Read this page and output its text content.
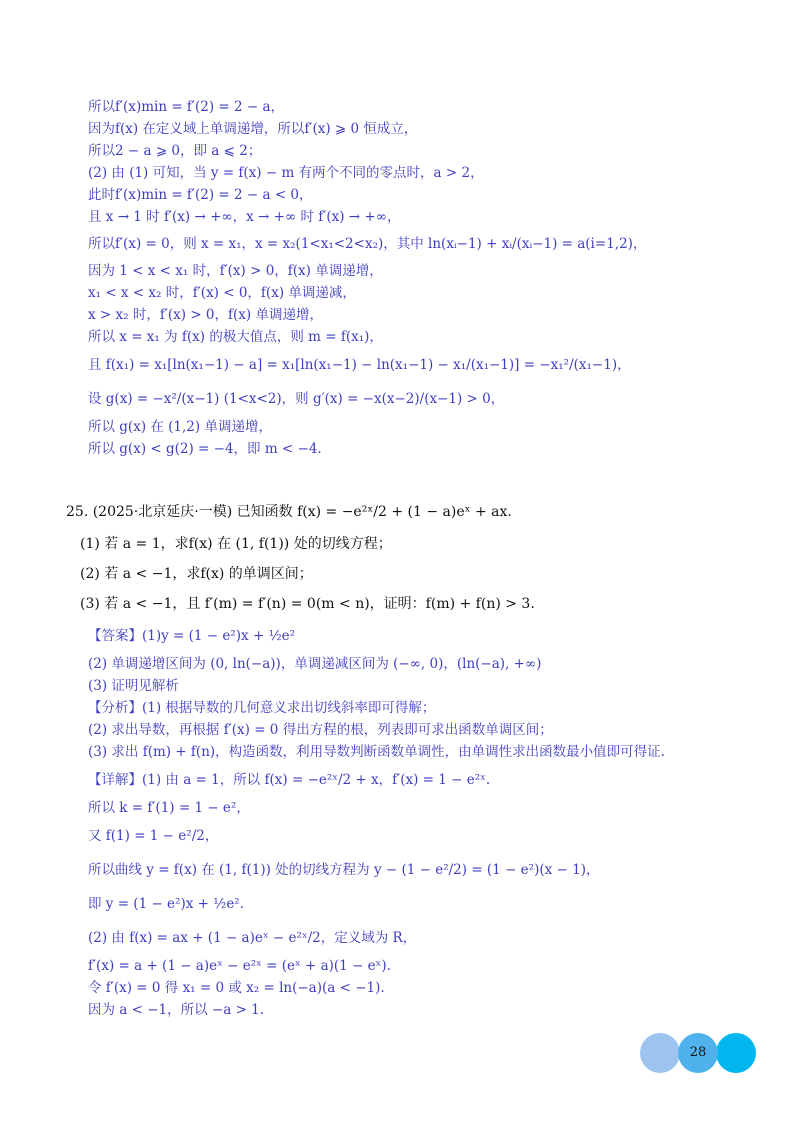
所以f′(x)min = f′(2) = 2 − a，
因为f(x) 在定义域上单调递增，所以f′(x) ⩾ 0 恒成立，
所以2 − a ⩾ 0，即 a ⩽ 2；
(2) 由 (1) 可知，当 y = f(x) − m 有两个不同的零点时，a > 2，
此时f′(x)min = f′(2) = 2 − a < 0，
且 x → 1 时 f′(x) → +∞，x → +∞ 时 f′(x) → +∞，
所以f′(x) = 0，则 x = x₁，x = x₂(1<x₁<2<x₂)，其中 ln(xᵢ−1) + xᵢ/(xᵢ−1) = a(i=1,2)，
因为 1 < x < x₁ 时，f′(x) > 0，f(x) 单调递增，
x₁ < x < x₂ 时，f′(x) < 0，f(x) 单调递减，
x > x₂ 时，f′(x) > 0，f(x) 单调递增，
所以 x = x₁ 为 f(x) 的极大值点，则 m = f(x₁)，
且 f(x₁) = x₁[ln(x₁−1) − a] = x₁[ln(x₁−1) − ln(x₁−1) − x₁/(x₁−1)] = −x₁²/(x₁−1)，
设 g(x) = −x²/(x−1) (1<x<2)，则 g′(x) = −x(x−2)/(x−1) > 0，
所以 g(x) 在 (1,2) 单调递增，
所以 g(x) < g(2) = −4，即 m < −4.
25. (2025·北京延庆·一模) 已知函数 f(x) = −e²ˣ/2 + (1 − a)eˣ + ax.
(1) 若 a = 1，求f(x) 在 (1, f(1)) 处的切线方程；
(2) 若 a < −1，求f(x) 的单调区间；
(3) 若 a < −1，且 f′(m) = f′(n) = 0(m < n)，证明：f(m) + f(n) > 3.
【答案】(1)y = (1 − e²)x + ½e²
(2) 单调递增区间为 (0, ln(−a))，单调递减区间为 (−∞, 0)，(ln(−a), +∞)
(3) 证明见解析
【分析】(1) 根据导数的几何意义求出切线斜率即可得解；
(2) 求出导数，再根据 f′(x) = 0 得出方程的根，列表即可求出函数单调区间；
(3) 求出 f(m) + f(n)，构造函数，利用导数判断函数单调性，由单调性求出函数最小值即可得证.
【详解】(1) 由 a = 1，所以 f(x) = −e²ˣ/2 + x，f′(x) = 1 − e²ˣ.
所以 k = f′(1) = 1 − e²，
又 f(1) = 1 − e²/2，
所以曲线 y = f(x) 在 (1, f(1)) 处的切线方程为 y − (1 − e²/2) = (1 − e²)(x − 1)，
即 y = (1 − e²)x + ½e².
(2) 由 f(x) = ax + (1 − a)eˣ − e²ˣ/2，定义域为 R，
f′(x) = a + (1 − a)eˣ − e²ˣ = (eˣ + a)(1 − eˣ).
令 f′(x) = 0 得 x₁ = 0 或 x₂ = ln(−a)(a < −1).
因为 a < −1，所以 −a > 1.
28
